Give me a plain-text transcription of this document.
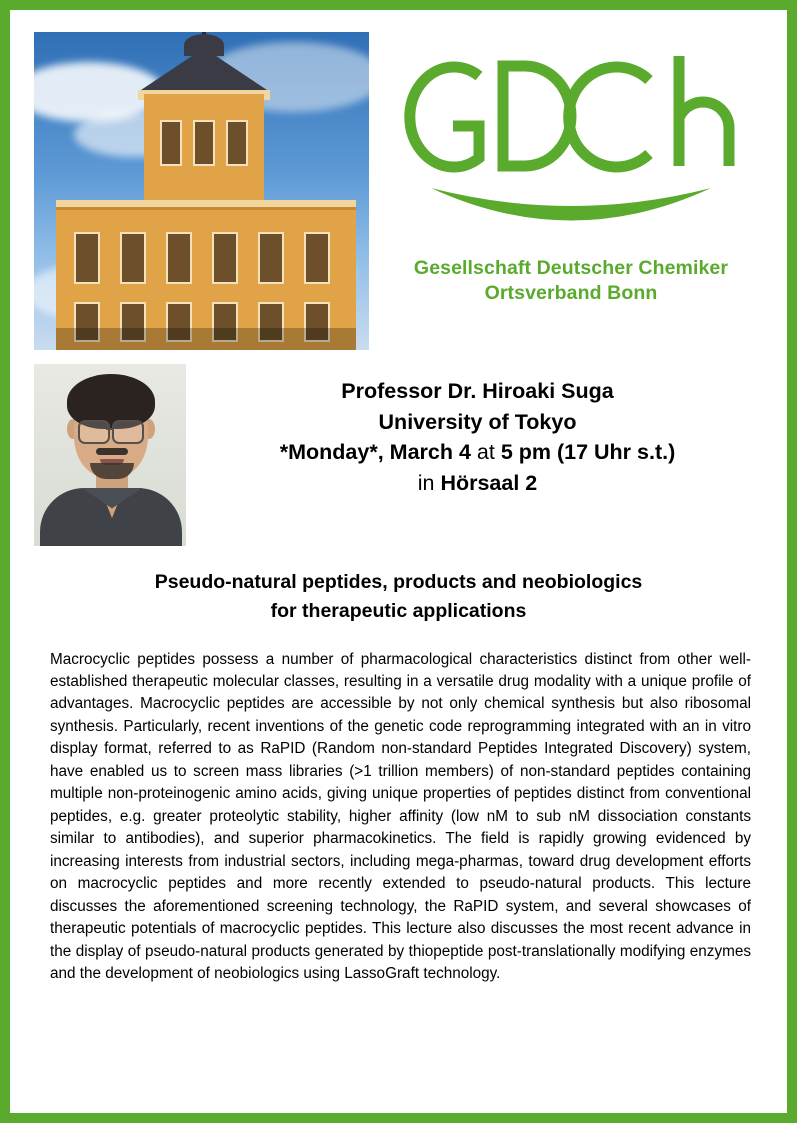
Gesellschaft Deutscher Chemiker
Ortsverband Bonn
Professor Dr. Hiroaki Suga
University of Tokyo
*Monday*, March 4 at 5 pm (17 Uhr s.t.)
in Hörsaal 2
Pseudo-natural peptides, products and neobiologics
for therapeutic applications

Macrocyclic peptides possess a number of pharmacological characteristics distinct from other well-established therapeutic molecular classes, resulting in a versatile drug modality with a unique profile of advantages. Macrocyclic peptides are accessible by not only chemical synthesis but also ribosomal synthesis. Particularly, recent inventions of the genetic code reprogramming integrated with an in vitro display format, referred to as RaPID (Random non-standard Peptides Integrated Discovery) system, have enabled us to screen mass libraries (>1 trillion members) of non-standard peptides containing multiple non-proteinogenic amino acids, giving unique properties of peptides distinct from conventional peptides, e.g. greater proteolytic stability, higher affinity (low nM to sub nM dissociation constants similar to antibodies), and superior pharmacokinetics. The field is rapidly growing evidenced by increasing interests from industrial sectors, including mega-pharmas, toward drug development efforts on macrocyclic peptides and more recently extended to pseudo-natural products. This lecture discusses the aforementioned screening technology, the RaPID system, and several showcases of therapeutic potentials of macrocyclic peptides. This lecture also discusses the most recent advance in the display of pseudo-natural products generated by thiopeptide post-translationally modifying enzymes and the development of neobiologics using LassoGraft technology.
